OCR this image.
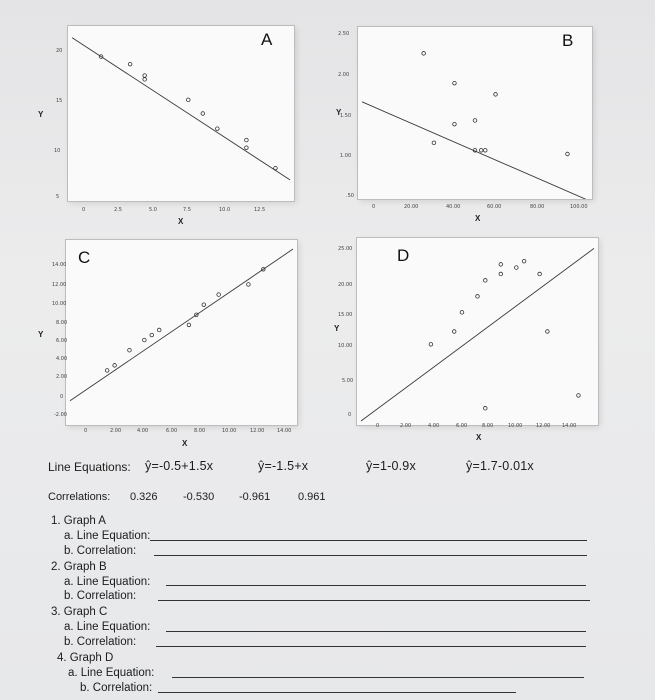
A
Y
X
20
15
10
5
0	2.5	5.0	7.5	10.0	12.5
B
Y
X
2.50
2.00
1.50
1.00
.50
0	20.00	40.00	60.00	80.00	100.00
C
Y
X
14.00
12.00
10.00
8.00
6.00
4.00
2.00
0
-2.00
0	2.00	4.00	6.00	8.00	10.00	12.00	14.00
D
Y
X
25.00
20.00
15.00
10.00
5.00
0
0	2.00	4.00	6.00	8.00	10.00	12.00 14.00
Line Equations: ŷ=-0.5+1.5x	ŷ=-1.5+x	ŷ=1-0.9x	ŷ=1.7-0.01x
Correlations: 0.326 -0.530 -0.961	0.961
1. Graph A
a. Line Equation:
b. Correlation:
2. Graph B
a. Line Equation:
b. Correlation:
3. Graph C
a. Line Equation:
b. Correlation:
4. Graph D
a. Line Equation:
b. Correlation:
